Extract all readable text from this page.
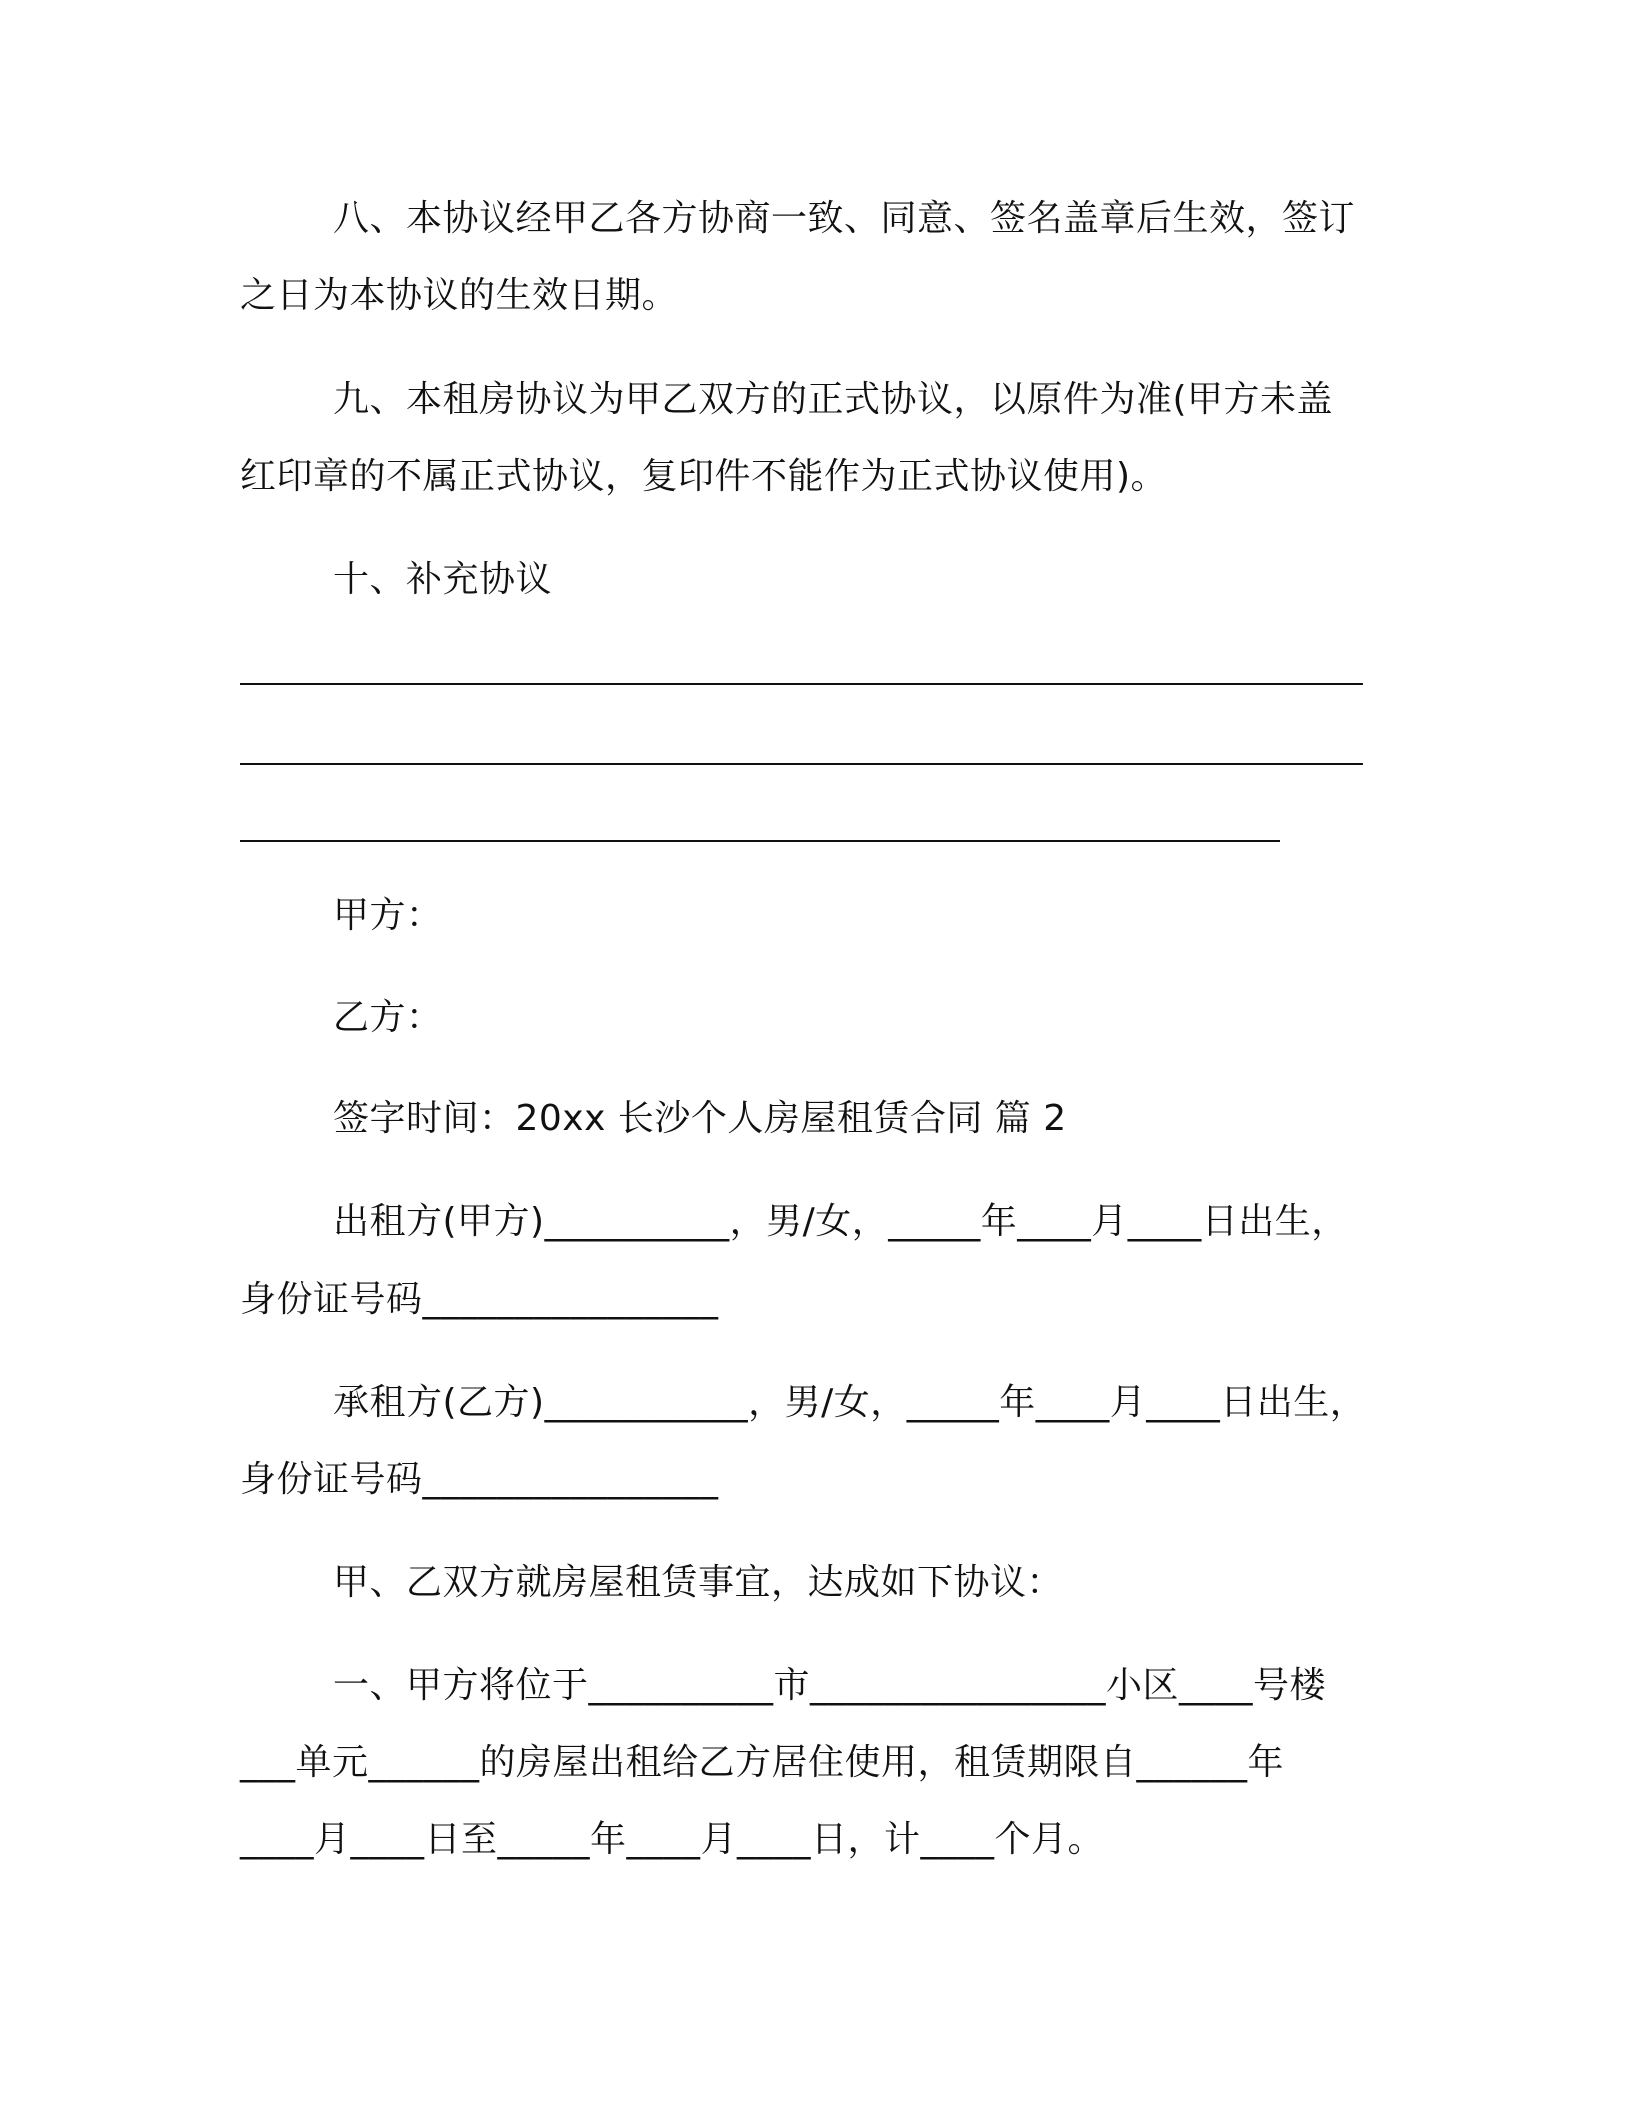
八、本协议经甲乙各方协商一致、同意、签名盖章后生效，签订
之日为本协议的生效日期。
九、本租房协议为甲乙双方的正式协议，以原件为准(甲方未盖
红印章的不属正式协议，复印件不能作为正式协议使用)。
十、补充协议
甲方：
乙方：
签字时间：20xx 长沙个人房屋租赁合同 篇 2
出租方(甲方)__________，男/女，_____年____月____日出生，
身份证号码________________
承租方(乙方)___________，男/女，_____年____月____日出生，
身份证号码________________
甲、乙双方就房屋租赁事宜，达成如下协议：
一、甲方将位于__________市________________小区____号楼
___单元______的房屋出租给乙方居住使用，租赁期限自______年
____月____日至_____年____月____日，计____个月。
